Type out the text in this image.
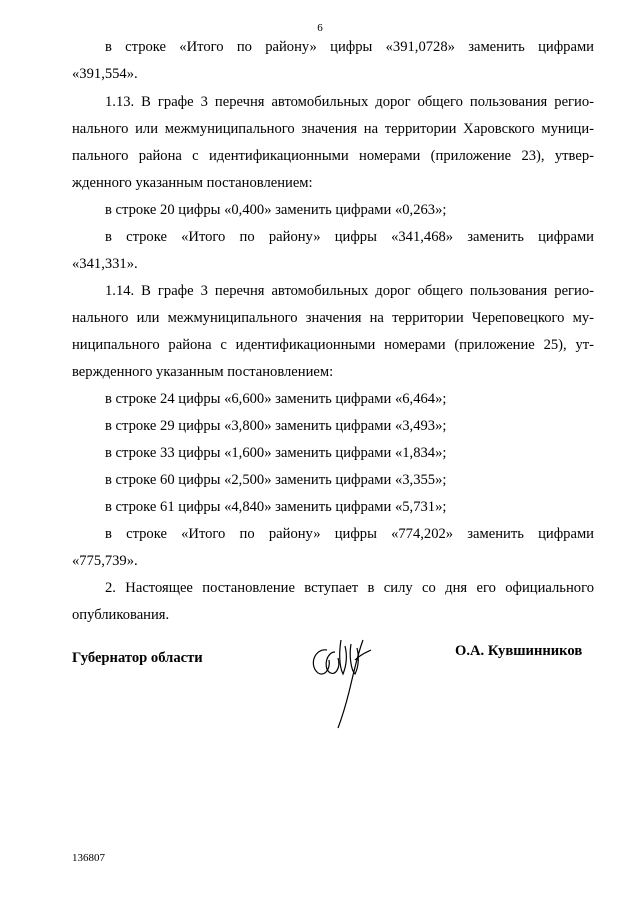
6
в строке «Итого по району» цифры «391,0728» заменить цифрами
«391,554».
1.13. В графе 3 перечня автомобильных дорог общего пользования регио-
нального или межмуниципального значения на территории Харовского муници-
пального района с идентификационными номерами (приложение 23), утвер-
жденного указанным постановлением:
в строке 20 цифры «0,400» заменить цифрами «0,263»;
в строке «Итого по району» цифры «341,468» заменить цифрами
«341,331».
1.14. В графе 3 перечня автомобильных дорог общего пользования регио-
нального или межмуниципального значения на территории Череповецкого му-
ниципального района с идентификационными номерами (приложение 25), ут-
вержденного указанным постановлением:
в строке 24 цифры «6,600» заменить цифрами «6,464»;
в строке 29 цифры «3,800» заменить цифрами «3,493»;
в строке 33 цифры «1,600» заменить цифрами «1,834»;
в строке 60 цифры «2,500» заменить цифрами «3,355»;
в строке 61 цифры «4,840» заменить цифрами «5,731»;
в строке «Итого по району» цифры «774,202» заменить цифрами
«775,739».
2. Настоящее постановление вступает в силу со дня его официального
опубликования.
Губернатор области	О.А. Кувшинников
136807
